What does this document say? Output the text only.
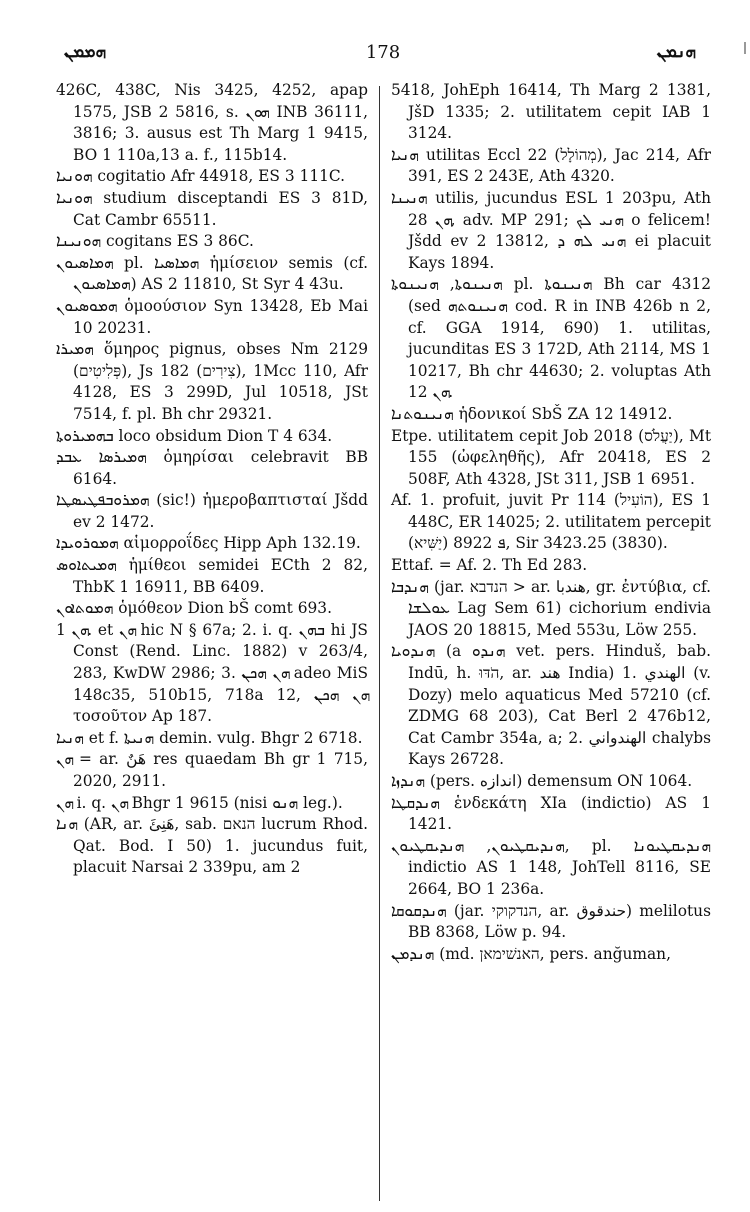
ܗܡܡܢ	178	ܗܢܡܢ

426C, 438C, Nis 3425, 4252, apap 1575, JSB 2 5816, s. ܗܘܢ INB 36111, 3816; 3. ausus est Th Marg 1 9415, BO 1 110a,13 a. f., 115b14.

ܗܘܢܝܐ cogitatio Afr 44918, ES 3 111C.

ܗܘܢܝܐ studium disceptandi ES 3 81D, Cat Cambr 65511.

ܗܘܢܝܢܐ cogitans ES 3 86C.

ܗܡܐܣܝܘܢ pl. ܗܡܐܣܝܐ ἡμίσειον semis (cf. ܗܡܐܣܝܘܢ) AS 2 11810, St Syr 4 43u.

ܗܡܘܣܝܘܢ ὁμοούσιον Syn 13428, Eb Mai 10 20231.

ܗܡܝܪܐ ὅμηρος pignus, obses Nm 2129 (פְּלִיטִים), Js 182 (צִירִים), 1Mcc 110, Afr 4128, ES 3 299D, Jul 10518, JSt 7514, f. pl. Bh chr 29321.

ܒܗܡܝܪܘܬܐ loco obsidum Dion T 4 634.

ܗܡܝܪܣܐ ܥܒܕ ὁμηρίσαι celebravit BB 6164.

ܗܡܪܘܒܦܛܝܣܛܐ (sic!) ἡμεροβαπτισταί Jšdd ev 2 1472.

ܗܡܘܪܘܝܕܐ αἱμορροΐδες Hipp Aph 132.19.

ܗܡܝܬܐܘܣ ἡμίθεοι semidei ECth 2 82, ThbK 1 16911, BB 6409.

ܗܡܘܬܐܘܢ ὁμόθεον Dion bŠ comt 693.

ܗܢ 1. et ܗܢ hic N § 67a; 2. i. q. ܒܗܢ hi JS Const (Rend. Linc. 1882) v 263/4, 283, KwDW 2986; 3. ܗܢ ܗܟܢ adeo MiS 148c35, 510b15, 718a 12, ܗܢ ܗܟܢ τοσοῦτον Ap 187.

ܗܢܝܐ et f. ܗܢܝܬܐ demin. vulg. Bhgr 2 6718.

ܗܢ = ar. هَنٌ res quaedam Bh gr 1 715, 2020, 2911.

ܗܢ i. q. ܗܢ Bhgr 1 9615 (nisi ܗܢܘ leg.).

ܗܢܐ (AR, ar. هَنِئَ, sab. הנאם lucrum Rhod. Qat. Bod. I 50) 1. jucundus fuit, placuit Narsai 2 339pu, am 2

5418, JohEph 16414, Th Marg 2 1381, JšD 1335; 2. utilitatem cepit IAB 1 3124.

ܗܢܝܐ utilitas Eccl 22 (מְהוֹלָל), Jac 214, Afr 391, ES 2 243E, Ath 4320.

ܗܢܝܢܐ utilis, jucundus ESL 1 203pu, Ath ܗܢ 28, adv. MP 291; ܗܢܝ ܠܟ o felicem! Jšdd ev 2 13812, ܗܢܝ ܠܗ ܕ ei placuit Kays 1894.

ܗܢܝܢܘܬܐ, ܗܢܝܢܘܬܐ pl. ܗܢܝܢܘܬܐ Bh car 4312 (sed ܗܢܝܢܘܬܗ cod. R in INB 426b n 2, cf. GGA 1914, 690) 1. utilitas, jucunditas ES 3 172D, Ath 2114, MS 1 10217, Bh chr 44630; 2. voluptas Ath ܗܢ 12.

ܗܢܝܢܘܬܢܐ ἡδονικοί SbŠ ZA 12 14912.

Etpe. utilitatem cepit Job 2018 (יַעֲלֹס), Mt 155 (ὠφεληθῆς), Afr 20418, ES 2 508F, Ath 4328, JSt 311, JSB 1 6951.

Af. 1. profuit, juvit Pr 114 (הוֹעִיל), ES 1 448C, ER 14025; 2. utilitatem percepit ܦ 8922 (יַשִּׁיא), Sir 3423.25 (3830).

Ettaf. = Af. 2. Th Ed 283.

ܗܢܕܒܐ (jar. הנדבא > ar. هندبا, gr. ἐντύβια, cf. ܥܘܠܫܐ Lag Sem 61) cichorium endivia JAOS 20 18815, Med 553u, Löw 255.

ܗܢܕܘܝܐ (a ܗܢܕܘ vet. pers. Hinduš, bab. Indū, h. הֹדּוּ, ar. هند India) 1. الهندي (v. Dozy) melo aquaticus Med 57210 (cf. ZDMG 68 203), Cat Berl 2 476b12, Cat Cambr 354a, a; 2. الهندواني chalybs Kays 26728.

ܗܢܕܙܐ (pers. اندازه) demensum ON 1064.

ܗܢܕܩܛܐ ἑνδεκάτη XIa (indictio) AS 1 1421.

ܗܢܕܝܩܛܝܘܢ, ܗܢܕܝܩܛܝܘܢ, pl. ܗܢܕܝܩܛܝܘܢܐ indictio AS 1 148, JohTell 8116, SE 2664, BO 1 236a.

ܗܢܕܩܘܩܐ (jar. הנדקוקי, ar. حندقوق) melilotus BB 8368, Löw p. 94.

ܗܢܕܡܢ (md. האנשׁימאן, pers. anğuman,
